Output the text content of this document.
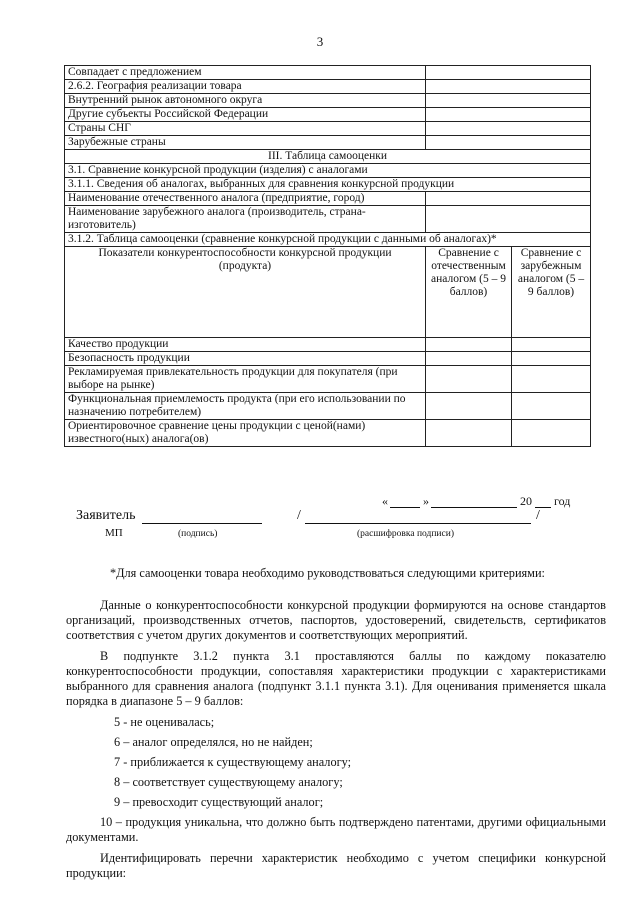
3
Совпадает с предложением		
2.6.2. География реализации товара		
Внутренний рынок автономного округа		
Другие субъекты Российской Федерации		
Страны СНГ		
Зарубежные страны		
III. Таблица самооценки		
3.1. Сравнение конкурсной продукции (изделия) с аналогами		
3.1.1. Сведения об аналогах, выбранных для сравнения конкурсной продукции		
Наименование отечественного аналога (предприятие, город)		
Наименование зарубежного аналога (производитель, страна-изготовитель)		
3.1.2. Таблица самооценки (сравнение конкурсной продукции с данными об аналогах)*		
Показатели конкурентоспособности конкурсной продукции (продукта)	Сравнение с отечественным аналогом (5 – 9 баллов)	Сравнение с зарубежным аналогом (5 – 9 баллов)
Качество продукции		
Безопасность продукции		
Рекламируемая привлекательность продукции для покупателя (при выборе на рынке)		
Функциональная приемлемость продукта (при его использовании по назначению потребителем)		
Ориентировочное сравнение цены продукции с ценой(нами) известного(ных) аналога(ов)		
«	»	20 год
Заявитель	/	/
МП	(подпись)	(расшифровка подписи)
*Для самооценки товара необходимо руководствоваться следующими критериями:

Данные о конкурентоспособности конкурсной продукции формируются на основе стандартов организаций, производственных отчетов, паспортов, удостоверений, свидетельств, сертификатов соответствия с учетом других документов и соответствующих мероприятий.

В подпункте 3.1.2 пункта 3.1 проставляются баллы по каждому показателю конкурентоспособности продукции, сопоставляя характеристики продукции с характеристиками выбранного для сравнения аналога (подпункт 3.1.1 пункта 3.1). Для оценивания применяется шкала порядка в диапазоне 5 – 9 баллов:

5 - не оценивалась;
6 – аналог определялся, но не найден;
7 - приближается к существующему аналогу;
8 – соответствует существующему аналогу;
9 – превосходит существующий аналог;

10 – продукция уникальна, что должно быть подтверждено патентами, другими официальными документами.

Идентифицировать перечни характеристик необходимо с учетом специфики конкурсной продукции:
